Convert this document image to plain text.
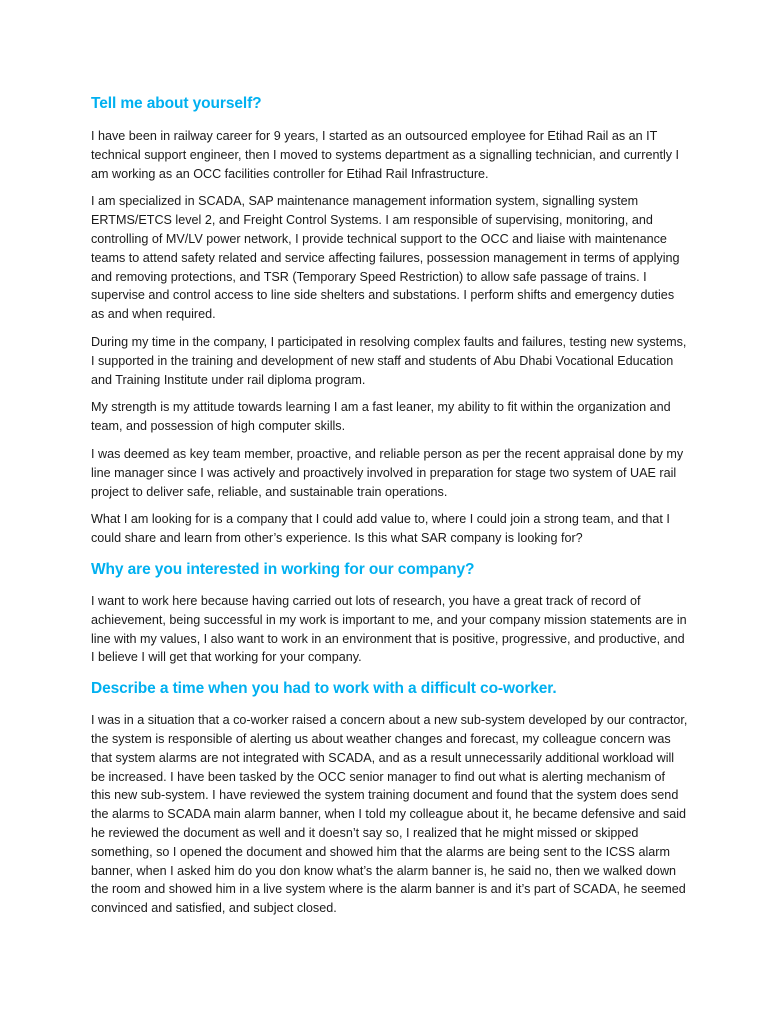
Tell me about yourself?

I have been in railway career for 9 years, I started as an outsourced employee for Etihad Rail as an IT technical support engineer, then I moved to systems department as a signalling technician, and currently I am working as an OCC facilities controller for Etihad Rail Infrastructure.

I am specialized in SCADA, SAP maintenance management information system, signalling system ERTMS/ETCS level 2, and Freight Control Systems. I am responsible of supervising, monitoring, and controlling of MV/LV power network, I provide technical support to the OCC and liaise with maintenance teams to attend safety related and service affecting failures, possession management in terms of applying and removing protections, and TSR (Temporary Speed Restriction) to allow safe passage of trains. I supervise and control access to line side shelters and substations. I perform shifts and emergency duties as and when required.

During my time in the company, I participated in resolving complex faults and failures, testing new systems, I supported in the training and development of new staff and students of Abu Dhabi Vocational Education and Training Institute under rail diploma program.

My strength is my attitude towards learning I am a fast leaner, my ability to fit within the organization and team, and possession of high computer skills.

I was deemed as key team member, proactive, and reliable person as per the recent appraisal done by my line manager since I was actively and proactively involved in preparation for stage two system of UAE rail project to deliver safe, reliable, and sustainable train operations.

What I am looking for is a company that I could add value to, where I could join a strong team, and that I could share and learn from other’s experience. Is this what SAR company is looking for?

Why are you interested in working for our company?

I want to work here because having carried out lots of research, you have a great track of record of achievement, being successful in my work is important to me, and your company mission statements are in line with my values, I also want to work in an environment that is positive, progressive, and productive, and I believe I will get that working for your company.

Describe a time when you had to work with a difficult co-worker.

I was in a situation that a co-worker raised a concern about a new sub-system developed by our contractor, the system is responsible of alerting us about weather changes and forecast, my colleague concern was that system alarms are not integrated with SCADA, and as a result unnecessarily additional workload will be increased. I have been tasked by the OCC senior manager to find out what is alerting mechanism of this new sub-system. I have reviewed the system training document and found that the system does send the alarms to SCADA main alarm banner, when I told my colleague about it, he became defensive and said he reviewed the document as well and it doesn’t say so, I realized that he might missed or skipped something, so I opened the document and showed him that the alarms are being sent to the ICSS alarm banner, when I asked him do you don know what’s the alarm banner is, he said no, then we walked down the room and showed him in a live system where is the alarm banner is and it’s part of SCADA, he seemed convinced and satisfied, and subject closed.
